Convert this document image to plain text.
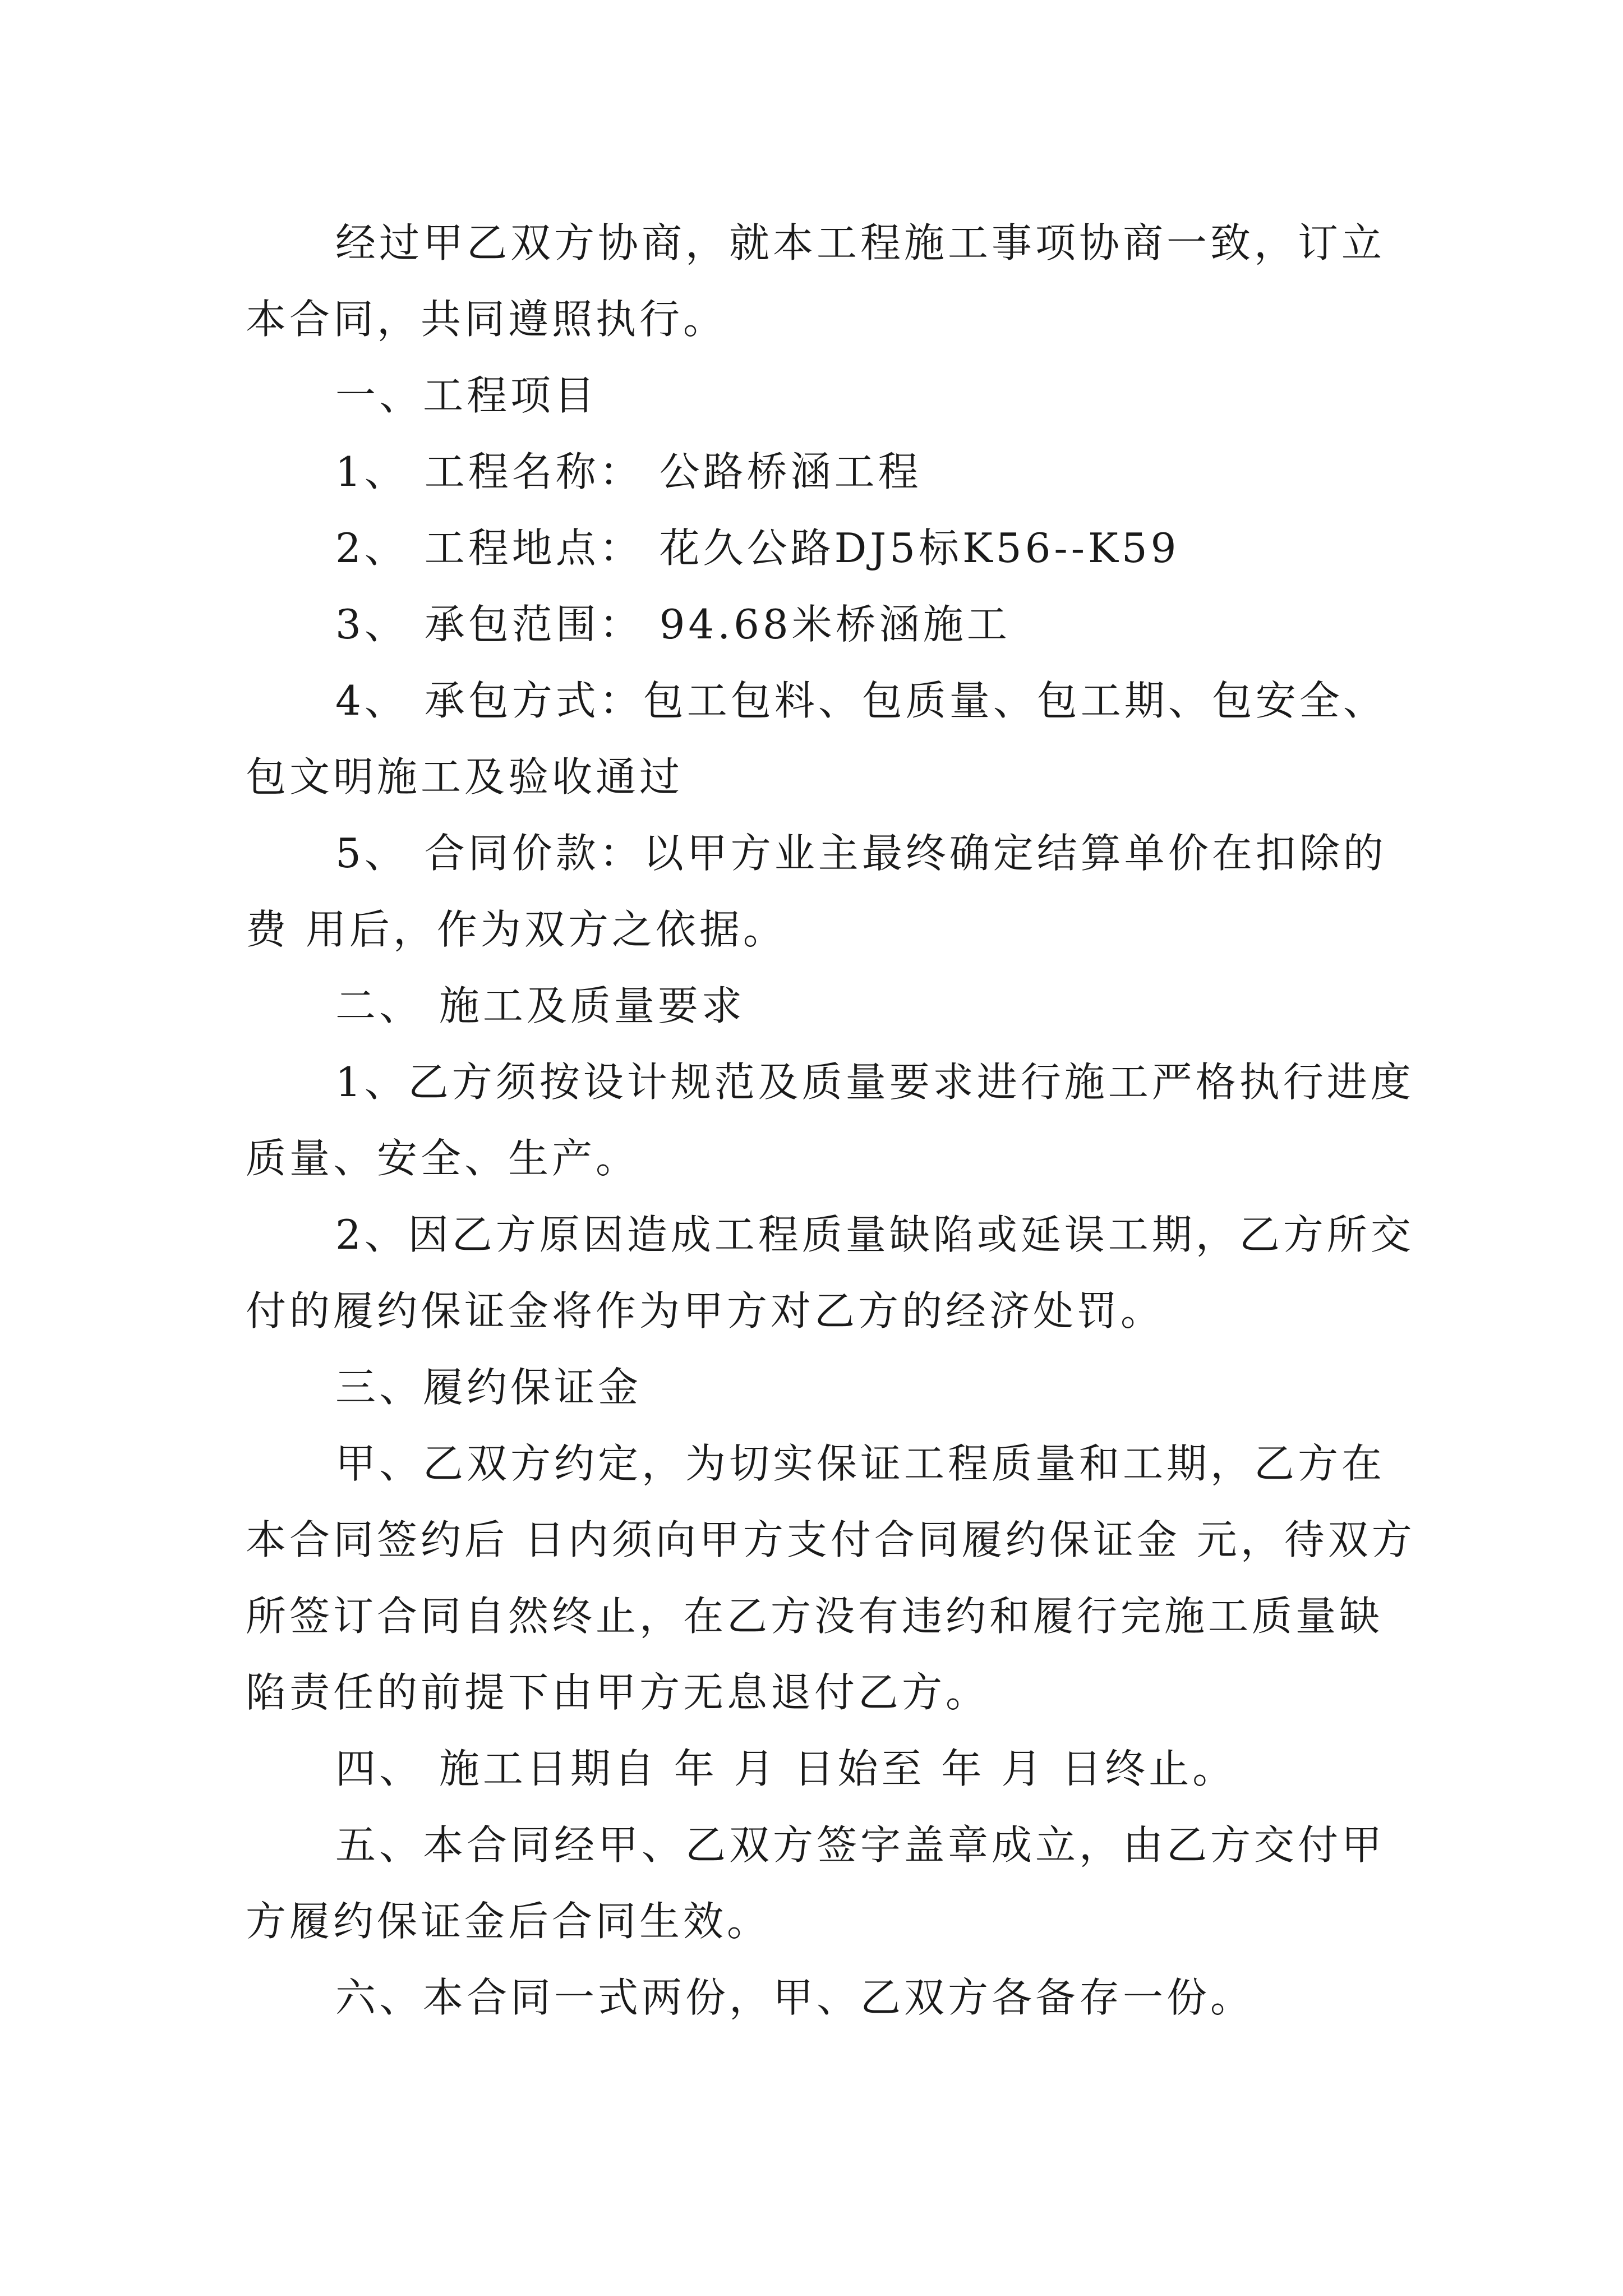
经过甲乙双方协商，就本工程施工事项协商一致，订立本合同，共同遵照执行。

一、工程项目

1、 工程名称： 公路桥涵工程

2、 工程地点： 花久公路DJ5标K56--K59

3、 承包范围： 94.68米桥涵施工

4、 承包方式：包工包料、包质量、包工期、包安全、包文明施工及验收通过

5、 合同价款：以甲方业主最终确定结算单价在扣除的费 用后，作为双方之依据。

二、 施工及质量要求

1、乙方须按设计规范及质量要求进行施工严格执行进度质量、安全、生产。

2、因乙方原因造成工程质量缺陷或延误工期，乙方所交付的履约保证金将作为甲方对乙方的经济处罚。

三、履约保证金

甲、乙双方约定，为切实保证工程质量和工期，乙方在本合同签约后 日内须向甲方支付合同履约保证金 元，待双方所签订合同自然终止，在乙方没有违约和履行完施工质量缺陷责任的前提下由甲方无息退付乙方。

四、 施工日期自 年 月 日始至 年 月 日终止。

五、本合同经甲、乙双方签字盖章成立，由乙方交付甲方履约保证金后合同生效。

六、本合同一式两份，甲、乙双方各备存一份。
